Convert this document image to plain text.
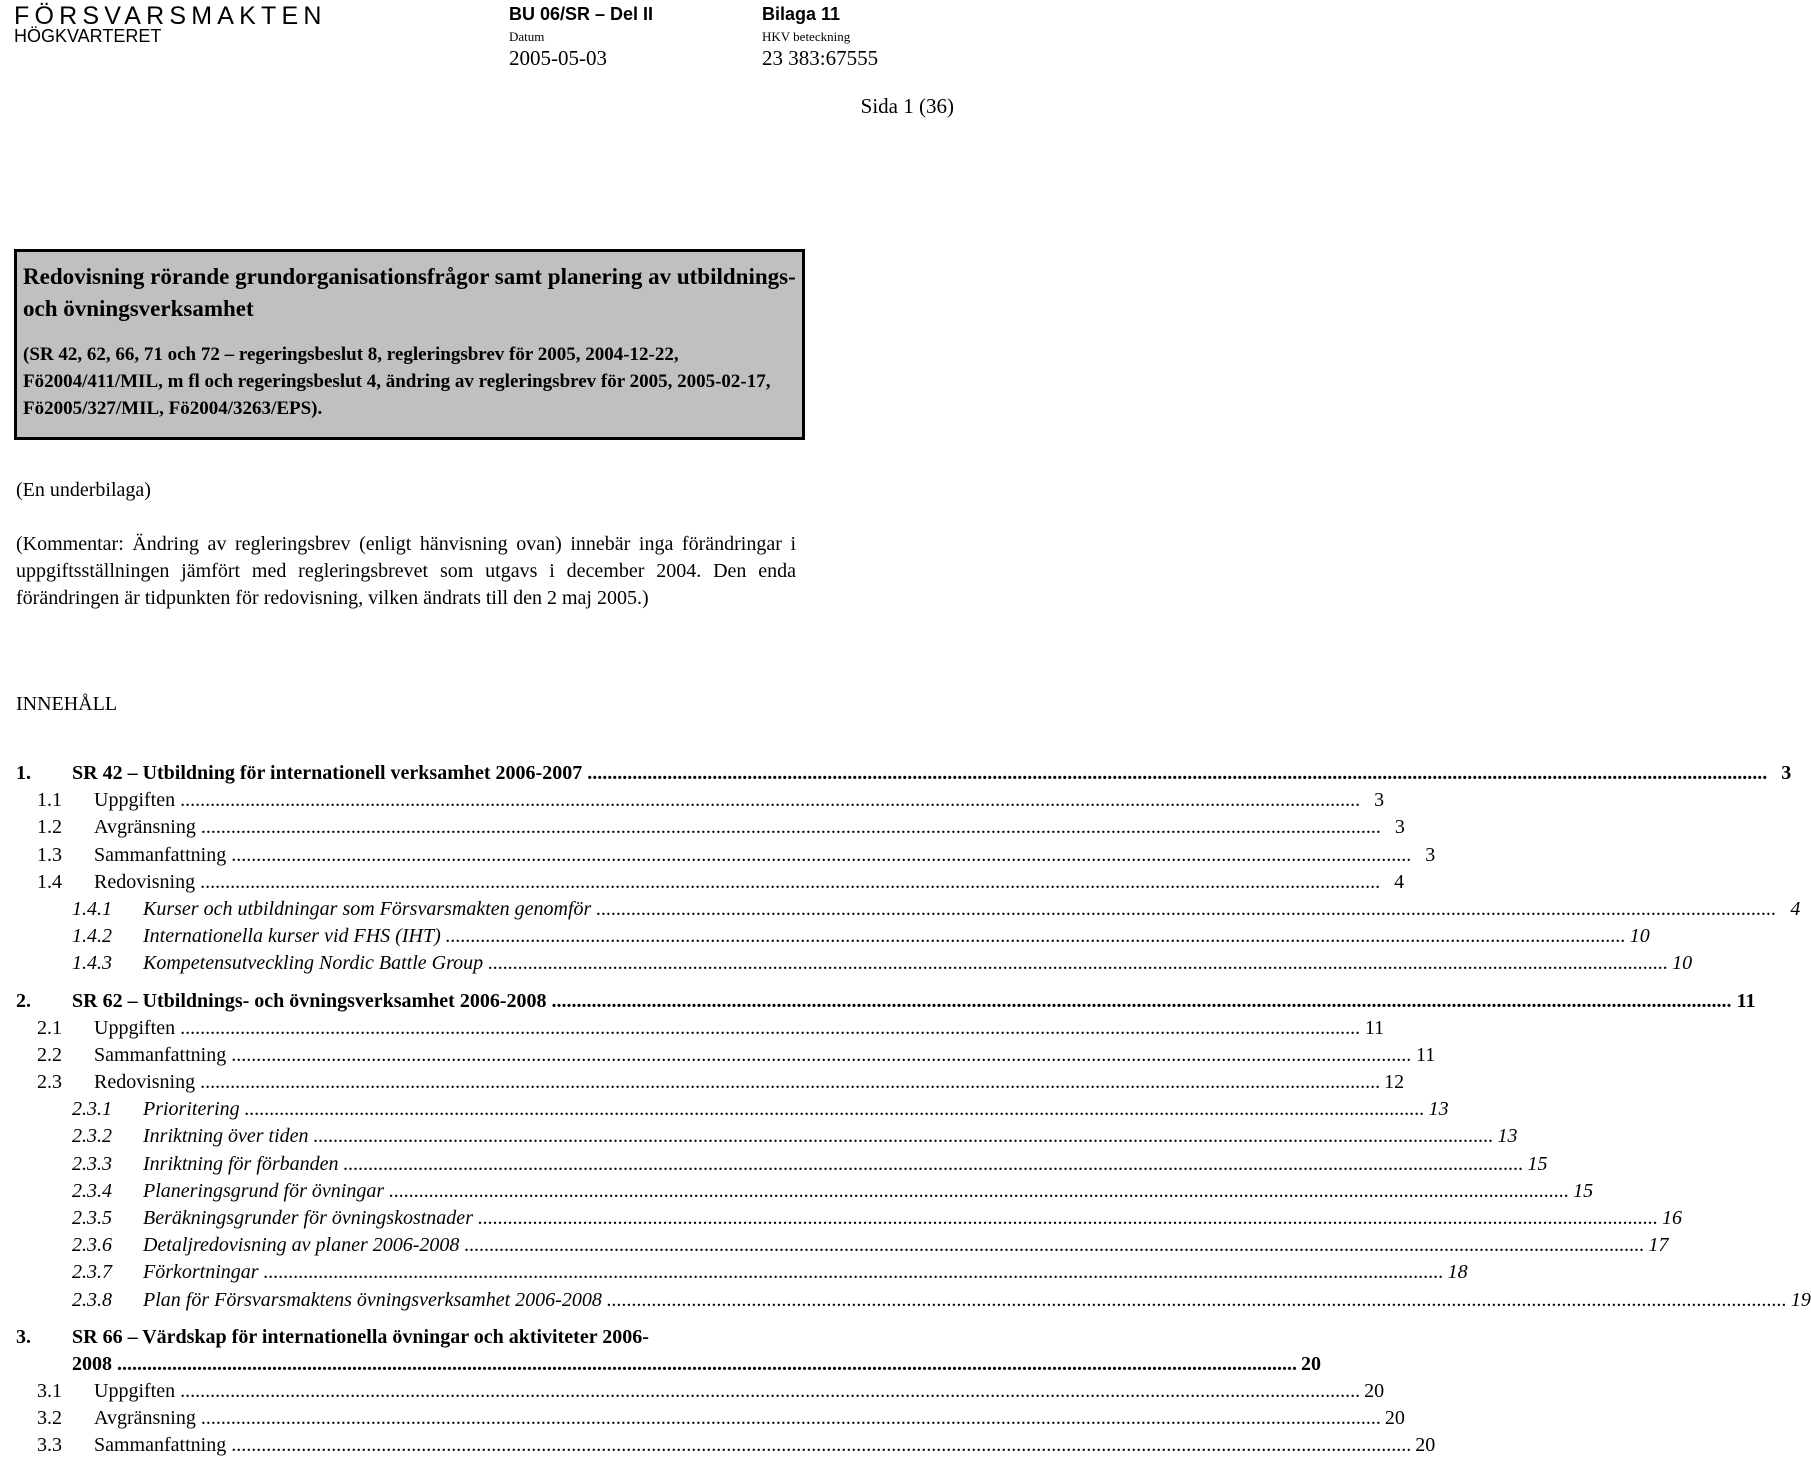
FÖRSVARSMAKTEN
HÖGKVARTERET
BU 06/SR – Del II	Bilaga 11
Datum	HKV beteckning
2005-05-03	23 383:67555
Sida 1 (36)
Redovisning rörande grundorganisationsfrågor samt planering av utbildnings- och övningsverksamhet
(SR 42, 62, 66, 71 och 72 – regeringsbeslut 8, regleringsbrev för 2005, 2004-12-22, Fö2004/411/MIL, m fl och regeringsbeslut 4, ändring av regleringsbrev för 2005, 2005-02-17, Fö2005/327/MIL, Fö2004/3263/EPS).
(En underbilaga)
(Kommentar: Ändring av regleringsbrev (enligt hänvisning ovan) innebär inga förändringar i uppgiftsställningen jämfört med regleringsbrevet som utgavs i december 2004. Den enda förändringen är tidpunkten för redovisning, vilken ändrats till den 2 maj 2005.)
INNEHÅLL
1.	SR 42 – Utbildning för internationell verksamhet 2006-2007 .....	3
1.1	Uppgiften .....	3
1.2	Avgränsning .....	3
1.3	Sammanfattning .....	3
1.4	Redovisning .....	4
1.4.1	Kurser och utbildningar som Försvarsmakten genomför .....	4
1.4.2	Internationella kurser vid FHS (IHT) .....	10
1.4.3	Kompetensutveckling Nordic Battle Group .....	10
2.	SR 62 – Utbildnings- och övningsverksamhet 2006-2008 .....	11
2.1	Uppgiften .....	11
2.2	Sammanfattning .....	11
2.3	Redovisning .....	12
2.3.1	Prioritering .....	13
2.3.2	Inriktning över tiden .....	13
2.3.3	Inriktning för förbanden .....	15
2.3.4	Planeringsgrund för övningar .....	15
2.3.5	Beräkningsgrunder för övningskostnader .....	16
2.3.6	Detaljredovisning av planer 2006-2008 .....	17
2.3.7	Förkortningar .....	18
2.3.8	Plan för Försvarsmaktens övningsverksamhet 2006-2008 .....	19
3.	SR 66 – Värdskap för internationella övningar och aktiviteter 2006-
2008 .....	20
3.1	Uppgiften .....	20
3.2	Avgränsning .....	20
3.3	Sammanfattning .....	20
